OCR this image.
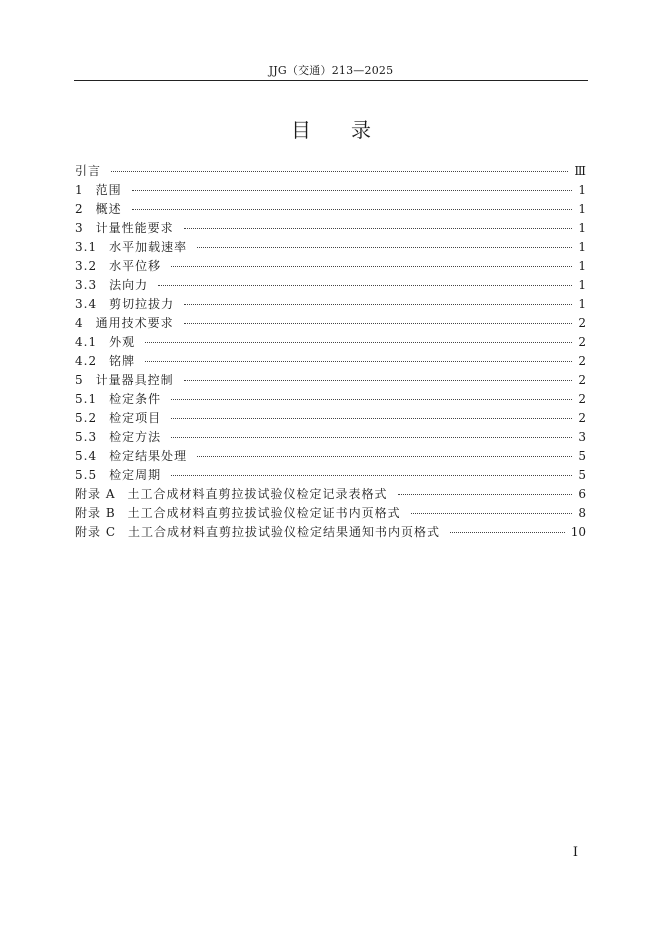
JJG（交通）213—2025
目录
引言	Ⅲ
1	范围	1
2	概述	1
3	计量性能要求	1
3.1	水平加载速率	1
3.2	水平位移	1
3.3	法向力	1
3.4	剪切拉拔力	1
4	通用技术要求	2
4.1	外观	2
4.2	铭牌	2
5	计量器具控制	2
5.1	检定条件	2
5.2	检定项目	2
5.3	检定方法	3
5.4	检定结果处理	5
5.5	检定周期	5
附录 A	土工合成材料直剪拉拔试验仪检定记录表格式	6
附录 B	土工合成材料直剪拉拔试验仪检定证书内页格式	8
附录 C	土工合成材料直剪拉拔试验仪检定结果通知书内页格式	10
Ⅰ
